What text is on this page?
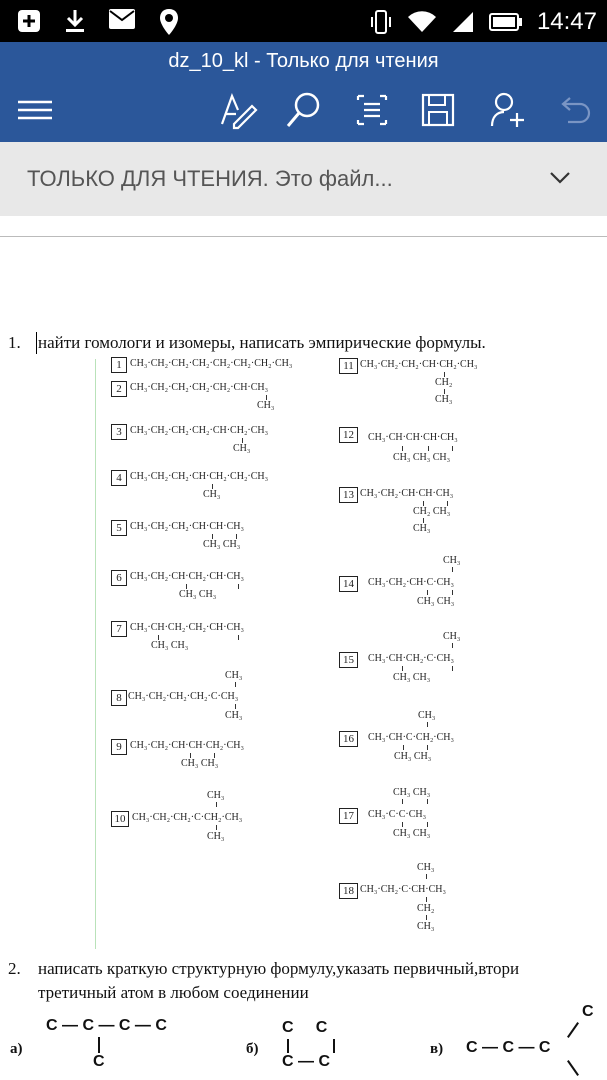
14:47
dz_10_kl - Только для чтения
ТОЛЬКО ДЛЯ ЧТЕНИЯ. Это файл...
1. найти гомологи и изомеры, написать эмпирические формулы.
1 CH₃·CH₂·CH₂·CH₂·CH₂·CH₂·CH₂·CH₃
2 CH₃·CH₂·CH₂·CH₂·CH₂·CH·CH₃
CH₃
3 CH₃·CH₂·CH₂·CH₂·CH·CH₂·CH₃
CH₃
4 CH₃·CH₂·CH₂·CH·CH₂·CH₂·CH₃
CH₃
5 CH₃·CH₂·CH₂·CH·CH·CH₃
CH₃ CH₃
6 CH₃·CH₂·CH·CH₂·CH·CH₃
CH₃ CH₃
7 CH₃·CH·CH₂·CH₂·CH·CH₃
CH₃ CH₃
CH₃
8 CH₃·CH₂·CH₂·CH₂·C·CH₃
CH₃
9 CH₃·CH₂·CH·CH·CH₂·CH₃
CH₃ CH₃
CH₃
10 CH₃·CH₂·CH₂·C·CH₂·CH₃
CH₃
11 CH₃·CH₂·CH₂·CH·CH₂·CH₃
CH₂
CH₃
12	CH₃·CH·CH·CH·CH₃
CH₃ CH₃ CH₃
13 CH₃·CH₂·CH·CH·CH₃
CH₂ CH₃
CH₃
CH₃
14	CH₃·CH₂·CH·C·CH₃
CH₃ CH₃
CH₃
15	CH₃·CH·CH₂·C·CH₃
CH₃ CH₃
CH₃
16	CH₃·CH·C·CH₂·CH₃
CH₃ CH₃
CH₃ CH₃
17	CH₃·C·C·CH₃
CH₃ CH₃
CH₃
18 CH₃·CH₂·C·CH·CH₃
CH₂
CH₃
2. написать краткую структурную формулу,указать первичный,втори
третичный атом в любом соединении
а)
C — C — C — C
C
б)
C     C
C — C
в)
C
C — C — C
